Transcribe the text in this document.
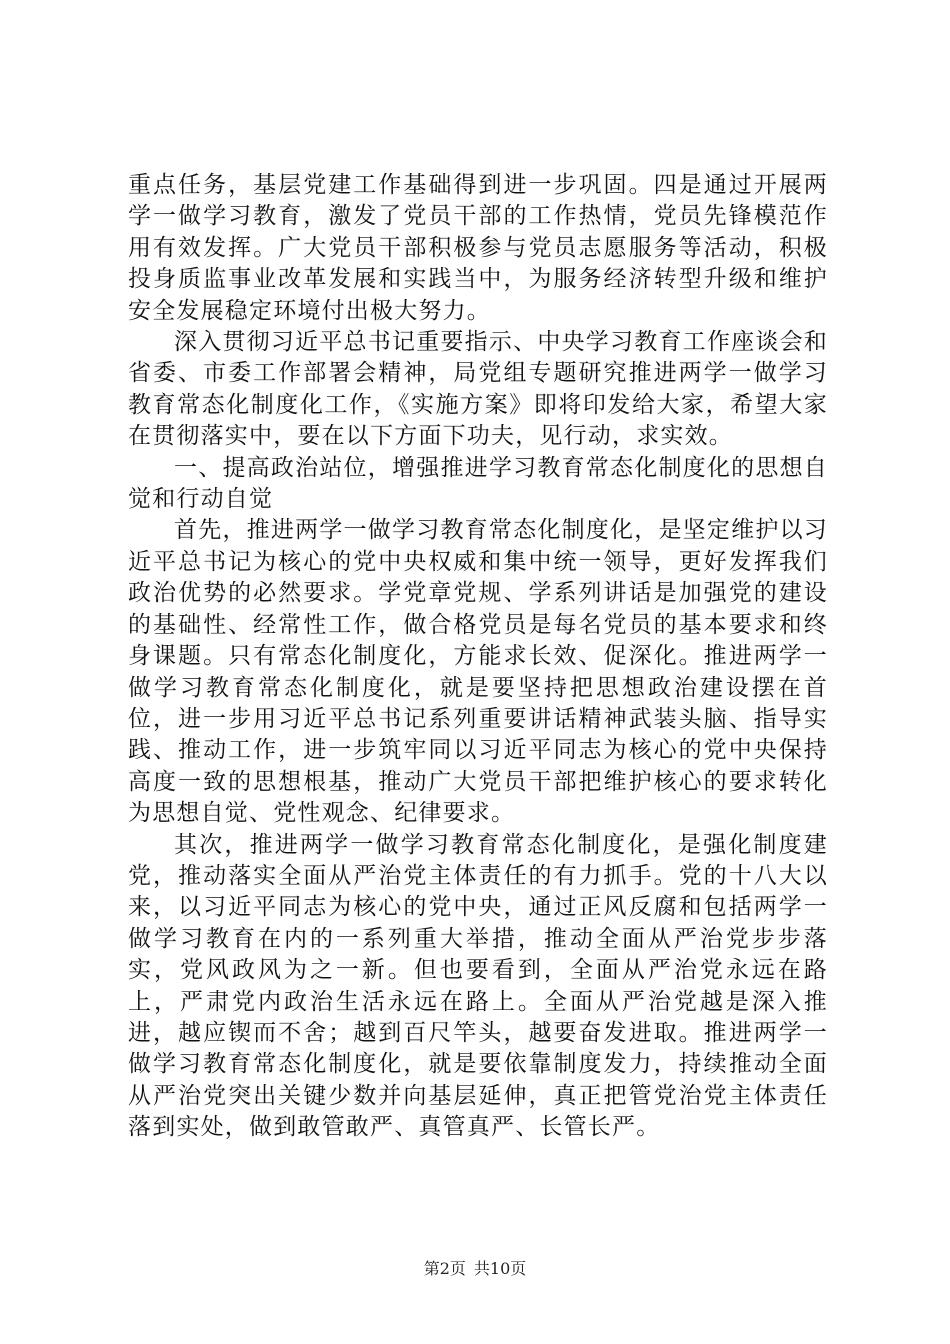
重点任务，基层党建工作基础得到进一步巩固。四是通过开展两学一做学习教育，激发了党员干部的工作热情，党员先锋模范作用有效发挥。广大党员干部积极参与党员志愿服务等活动，积极投身质监事业改革发展和实践当中，为服务经济转型升级和维护安全发展稳定环境付出极大努力。

深入贯彻习近平总书记重要指示、中央学习教育工作座谈会和省委、市委工作部署会精神，局党组专题研究推进两学一做学习教育常态化制度化工作，《实施方案》即将印发给大家，希望大家在贯彻落实中，要在以下方面下功夫，见行动，求实效。

一、提高政治站位，增强推进学习教育常态化制度化的思想自觉和行动自觉

首先，推进两学一做学习教育常态化制度化，是坚定维护以习近平总书记为核心的党中央权威和集中统一领导，更好发挥我们政治优势的必然要求。学党章党规、学系列讲话是加强党的建设的基础性、经常性工作，做合格党员是每名党员的基本要求和终身课题。只有常态化制度化，方能求长效、促深化。推进两学一做学习教育常态化制度化，就是要坚持把思想政治建设摆在首位，进一步用习近平总书记系列重要讲话精神武装头脑、指导实践、推动工作，进一步筑牢同以习近平同志为核心的党中央保持高度一致的思想根基，推动广大党员干部把维护核心的要求转化为思想自觉、党性观念、纪律要求。

其次，推进两学一做学习教育常态化制度化，是强化制度建党，推动落实全面从严治党主体责任的有力抓手。党的十八大以来，以习近平同志为核心的党中央，通过正风反腐和包括两学一做学习教育在内的一系列重大举措，推动全面从严治党步步落实，党风政风为之一新。但也要看到，全面从严治党永远在路上，严肃党内政治生活永远在路上。全面从严治党越是深入推进，越应锲而不舍；越到百尺竿头，越要奋发进取。推进两学一做学习教育常态化制度化，就是要依靠制度发力，持续推动全面从严治党突出关键少数并向基层延伸，真正把管党治党主体责任落到实处，做到敢管敢严、真管真严、长管长严。

第2页 共10页
